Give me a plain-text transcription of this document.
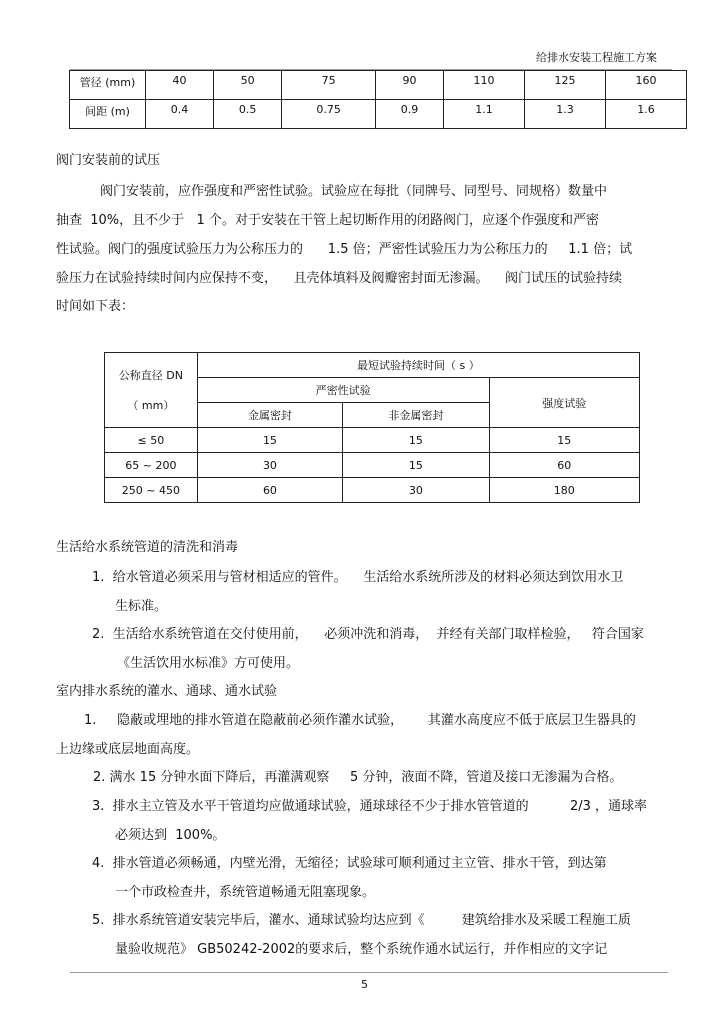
给排水安装工程施工方案
管径 (mm)	40	50	75	90	110	125	160
间距 (m)	0.4	0.5	0.75	0.9	1.1	1.3	1.6
阀门安装前的试压
阀门安装前，应作强度和严密性试验。试验应在每批（同牌号、同型号、同规格）数量中
抽查  10%，且不少于   1 个。对于安装在干管上起切断作用的闭路阀门，应逐个作强度和严密
性试验。阀门的强度试验压力为公称压力的      1.5 倍；严密性试验压力为公称压力的     1.1 倍；试
验压力在试验持续时间内应保持不变，    且壳体填料及阀瓣密封面无渗漏。    阀门试压的试验持续
时间如下表：
公称直径 DN
（ mm）	最短试验持续时间（ s ）		
	严密性试验		强度试验
	金属密封	非金属密封	
≤ 50	15	15	15
65 ~ 200	30	15	60
250 ~ 450	60	30	180
生活给水系统管道的清洗和消毒
1.  给水管道必须采用与管材相适应的管件。    生活给水系统所涉及的材料必须达到饮用水卫
生标准。
2.  生活给水系统管道在交付使用前，    必须冲洗和消毒，  并经有关部门取样检验，   符合国家
《生活饮用水标准》方可使用。
室内排水系统的灌水、通球、通水试验
1.     隐蔽或埋地的排水管道在隐蔽前必须作灌水试验，      其灌水高度应不低于底层卫生器具的
上边缘或底层地面高度。
2. 满水 15 分钟水面下降后，再灌满观察     5 分钟，液面不降，管道及接口无渗漏为合格。
3.  排水主立管及水平干管道均应做通球试验，通球球径不少于排水管管道的          2/3 ，通球率
必须达到  100%。
4.  排水管道必须畅通，内壁光滑，无缩径；试验球可顺利通过主立管、排水干管，到达第
一个市政检查井，系统管道畅通无阻塞现象。
5.  排水系统管道安装完毕后，灌水、通球试验均达应到《         建筑给排水及采暖工程施工质
量验收规范》 GB50242-2002的要求后，整个系统作通水试运行，并作相应的文字记
5
